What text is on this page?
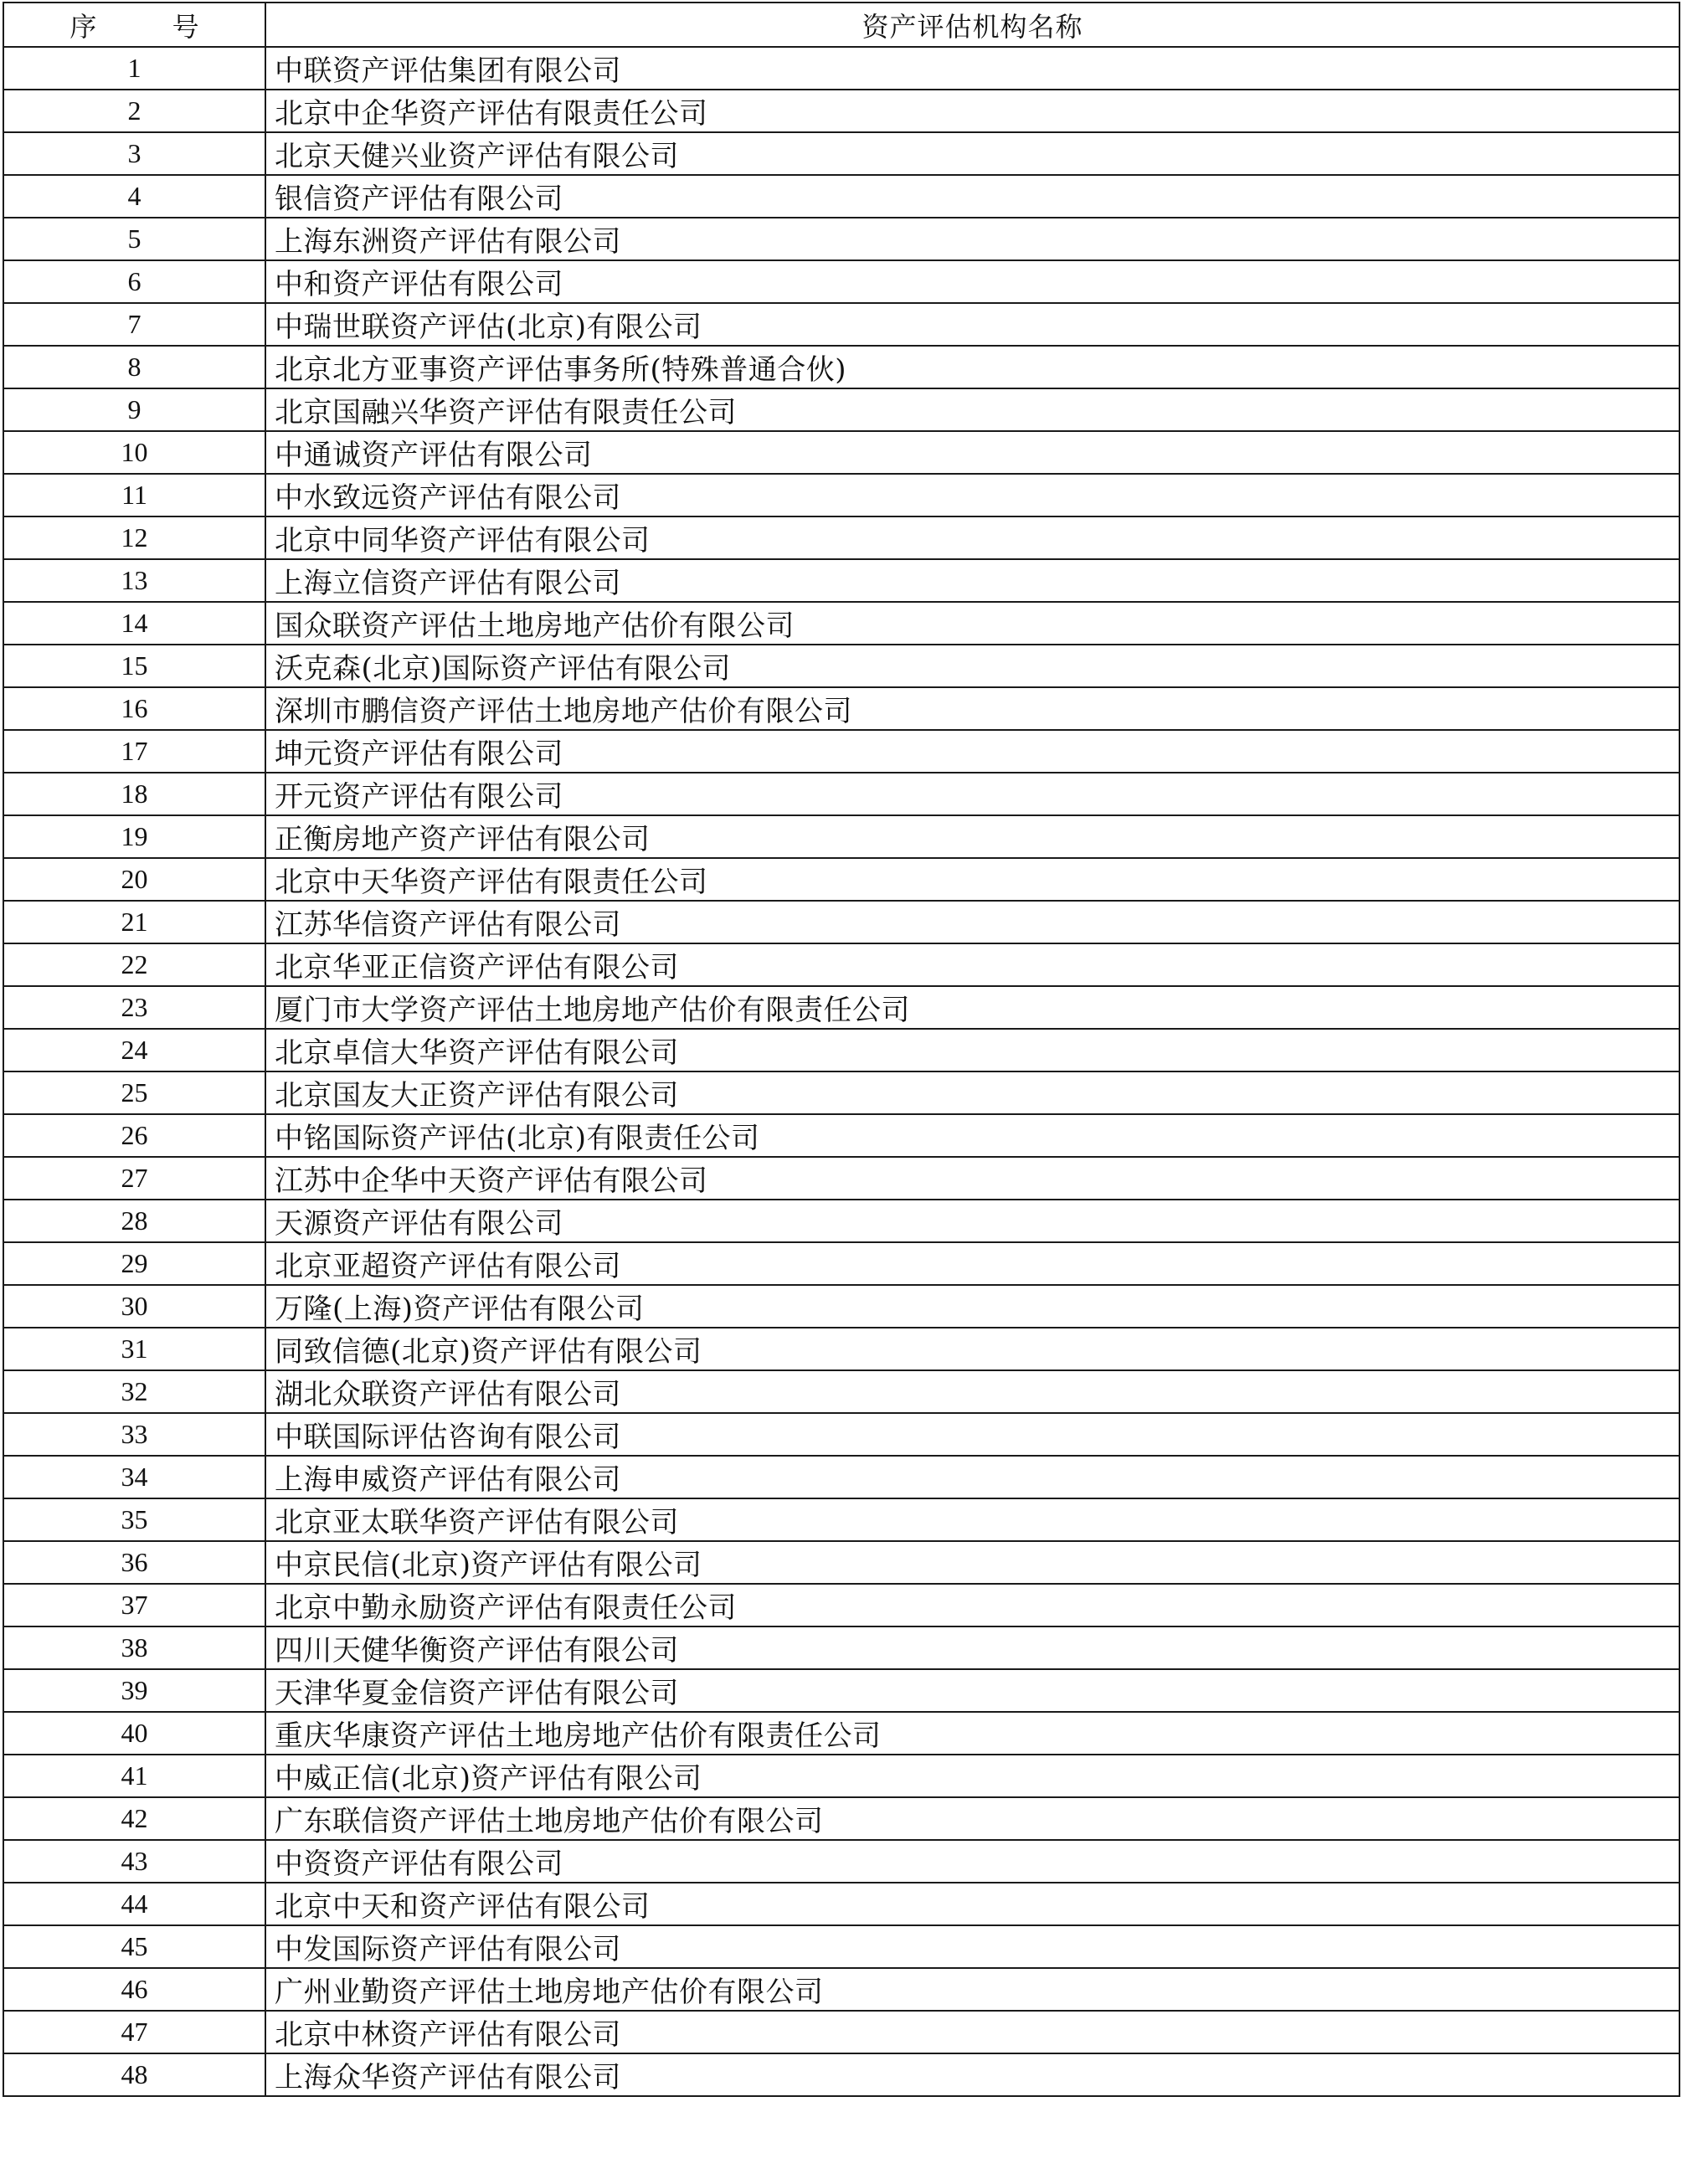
序 号	资产评估机构名称
1	中联资产评估集团有限公司
2	北京中企华资产评估有限责任公司
3	北京天健兴业资产评估有限公司
4	银信资产评估有限公司
5	上海东洲资产评估有限公司
6	中和资产评估有限公司
7	中瑞世联资产评估(北京)有限公司
8	北京北方亚事资产评估事务所(特殊普通合伙)
9	北京国融兴华资产评估有限责任公司
10	中通诚资产评估有限公司
11	中水致远资产评估有限公司
12	北京中同华资产评估有限公司
13	上海立信资产评估有限公司
14	国众联资产评估土地房地产估价有限公司
15	沃克森(北京)国际资产评估有限公司
16	深圳市鹏信资产评估土地房地产估价有限公司
17	坤元资产评估有限公司
18	开元资产评估有限公司
19	正衡房地产资产评估有限公司
20	北京中天华资产评估有限责任公司
21	江苏华信资产评估有限公司
22	北京华亚正信资产评估有限公司
23	厦门市大学资产评估土地房地产估价有限责任公司
24	北京卓信大华资产评估有限公司
25	北京国友大正资产评估有限公司
26	中铭国际资产评估(北京)有限责任公司
27	江苏中企华中天资产评估有限公司
28	天源资产评估有限公司
29	北京亚超资产评估有限公司
30	万隆(上海)资产评估有限公司
31	同致信德(北京)资产评估有限公司
32	湖北众联资产评估有限公司
33	中联国际评估咨询有限公司
34	上海申威资产评估有限公司
35	北京亚太联华资产评估有限公司
36	中京民信(北京)资产评估有限公司
37	北京中勤永励资产评估有限责任公司
38	四川天健华衡资产评估有限公司
39	天津华夏金信资产评估有限公司
40	重庆华康资产评估土地房地产估价有限责任公司
41	中威正信(北京)资产评估有限公司
42	广东联信资产评估土地房地产估价有限公司
43	中资资产评估有限公司
44	北京中天和资产评估有限公司
45	中发国际资产评估有限公司
46	广州业勤资产评估土地房地产估价有限公司
47	北京中林资产评估有限公司
48	上海众华资产评估有限公司
